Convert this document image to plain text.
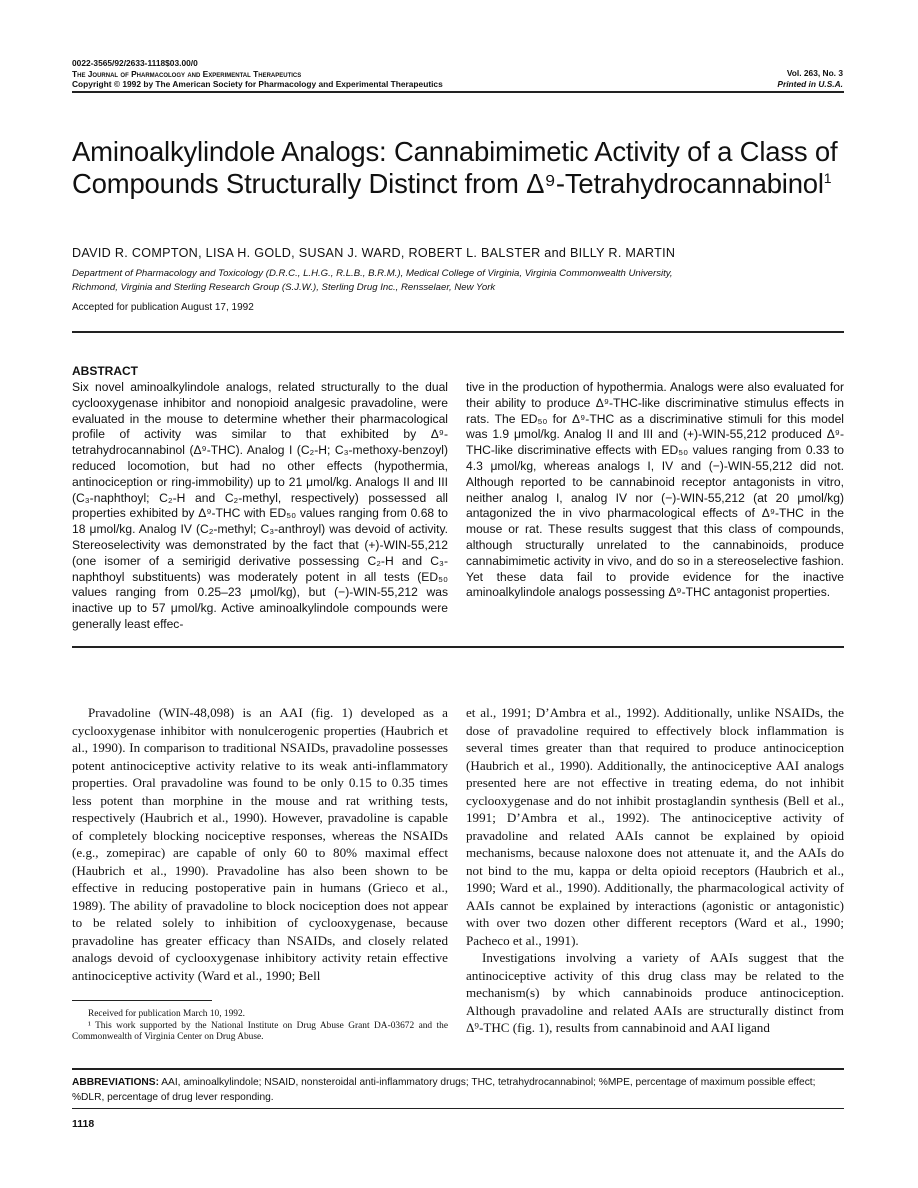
0022-3565/92/2633-1118$03.00/0
The Journal of Pharmacology and Experimental Therapeutics
Copyright © 1992 by The American Society for Pharmacology and Experimental Therapeutics
Vol. 263, No. 3
Printed in U.S.A.
Aminoalkylindole Analogs: Cannabimimetic Activity of a Class of
Compounds Structurally Distinct from Δ⁹-Tetrahydrocannabinol$^1$
DAVID R. COMPTON, LISA H. GOLD, SUSAN J. WARD, ROBERT L. BALSTER and BILLY R. MARTIN
Department of Pharmacology and Toxicology (D.R.C., L.H.G., R.L.B., B.R.M.), Medical College of Virginia, Virginia Commonwealth University,
Richmond, Virginia and Sterling Research Group (S.J.W.), Sterling Drug Inc., Rensselaer, New York
Accepted for publication August 17, 1992
ABSTRACT
Six novel aminoalkylindole analogs, related structurally to the dual cyclooxygenase inhibitor and nonopioid analgesic pravadoline, were evaluated in the mouse to determine whether their pharmacological profile of activity was similar to that exhibited by Δ⁹-tetrahydrocannabinol (Δ⁹-THC). Analog I (C₂-H; C₃-methoxy-benzoyl) reduced locomotion, but had no other effects (hypothermia, antinociception or ring-immobility) up to 21 μmol/kg. Analogs II and III (C₃-naphthoyl; C₂-H and C₂-methyl, respectively) possessed all properties exhibited by Δ⁹-THC with ED₅₀ values ranging from 0.68 to 18 μmol/kg. Analog IV (C₂-methyl; C₃-anthroyl) was devoid of activity. Stereoselectivity was demonstrated by the fact that (+)-WIN-55,212 (one isomer of a semirigid derivative possessing C₂-H and C₃-naphthoyl substituents) was moderately potent in all tests (ED₅₀ values ranging from 0.25–23 μmol/kg), but (−)-WIN-55,212 was inactive up to 57 μmol/kg. Active aminoalkylindole compounds were generally least effec-
tive in the production of hypothermia. Analogs were also evaluated for their ability to produce Δ⁹-THC-like discriminative stimulus effects in rats. The ED₅₀ for Δ⁹-THC as a discriminative stimuli for this model was 1.9 μmol/kg. Analog II and III and (+)-WIN-55,212 produced Δ⁹-THC-like discriminative effects with ED₅₀ values ranging from 0.33 to 4.3 μmol/kg, whereas analogs I, IV and (−)-WIN-55,212 did not. Although reported to be cannabinoid receptor antagonists in vitro, neither analog I, analog IV nor (−)-WIN-55,212 (at 20 μmol/kg) antagonized the in vivo pharmacological effects of Δ⁹-THC in the mouse or rat. These results suggest that this class of compounds, although structurally unrelated to the cannabinoids, produce cannabimimetic activity in vivo, and do so in a stereoselective fashion. Yet these data fail to provide evidence for the inactive aminoalkylindole analogs possessing Δ⁹-THC antagonist properties.
Pravadoline (WIN-48,098) is an AAI (fig. 1) developed as a cyclooxygenase inhibitor with nonulcerogenic properties (Haubrich et al., 1990). In comparison to traditional NSAIDs, pravadoline possesses potent antinociceptive activity relative to its weak anti-inflammatory properties. Oral pravadoline was found to be only 0.15 to 0.35 times less potent than morphine in the mouse and rat writhing tests, respectively (Haubrich et al., 1990). However, pravadoline is capable of completely blocking nociceptive responses, whereas the NSAIDs (e.g., zomepirac) are capable of only 60 to 80% maximal effect (Haubrich et al., 1990). Pravadoline has also been shown to be effective in reducing postoperative pain in humans (Grieco et al., 1989). The ability of pravadoline to block nociception does not appear to be related solely to inhibition of cyclooxygenase, because pravadoline has greater efficacy than NSAIDs, and closely related analogs devoid of cyclooxygenase inhibitory activity retain effective antinociceptive activity (Ward et al., 1990; Bell

et al., 1991; D’Ambra et al., 1992). Additionally, unlike NSAIDs, the dose of pravadoline required to effectively block inflammation is several times greater than that required to produce antinociception (Haubrich et al., 1990). Additionally, the antinociceptive AAI analogs presented here are not effective in treating edema, do not inhibit cyclooxygenase and do not inhibit prostaglandin synthesis (Bell et al., 1991; D’Ambra et al., 1992). The antinociceptive activity of pravadoline and related AAIs cannot be explained by opioid mechanisms, because naloxone does not attenuate it, and the AAIs do not bind to the mu, kappa or delta opioid receptors (Haubrich et al., 1990; Ward et al., 1990). Additionally, the pharmacological activity of AAIs cannot be explained by interactions (agonistic or antagonistic) with over two dozen other different receptors (Ward et al., 1990; Pacheco et al., 1991).

Investigations involving a variety of AAIs suggest that the antinociceptive activity of this drug class may be related to the mechanism(s) by which cannabinoids produce antinociception. Although pravadoline and related AAIs are structurally distinct from Δ⁹-THC (fig. 1), results from cannabinoid and AAI ligand

Received for publication March 10, 1992.

¹ This work supported by the National Institute on Drug Abuse Grant DA-03672 and the Commonwealth of Virginia Center on Drug Abuse.

ABBREVIATIONS: AAI, aminoalkylindole; NSAID, nonsteroidal anti-inflammatory drugs; THC, tetrahydrocannabinol; %MPE, percentage of maximum possible effect; %DLR, percentage of drug lever responding.
1118
